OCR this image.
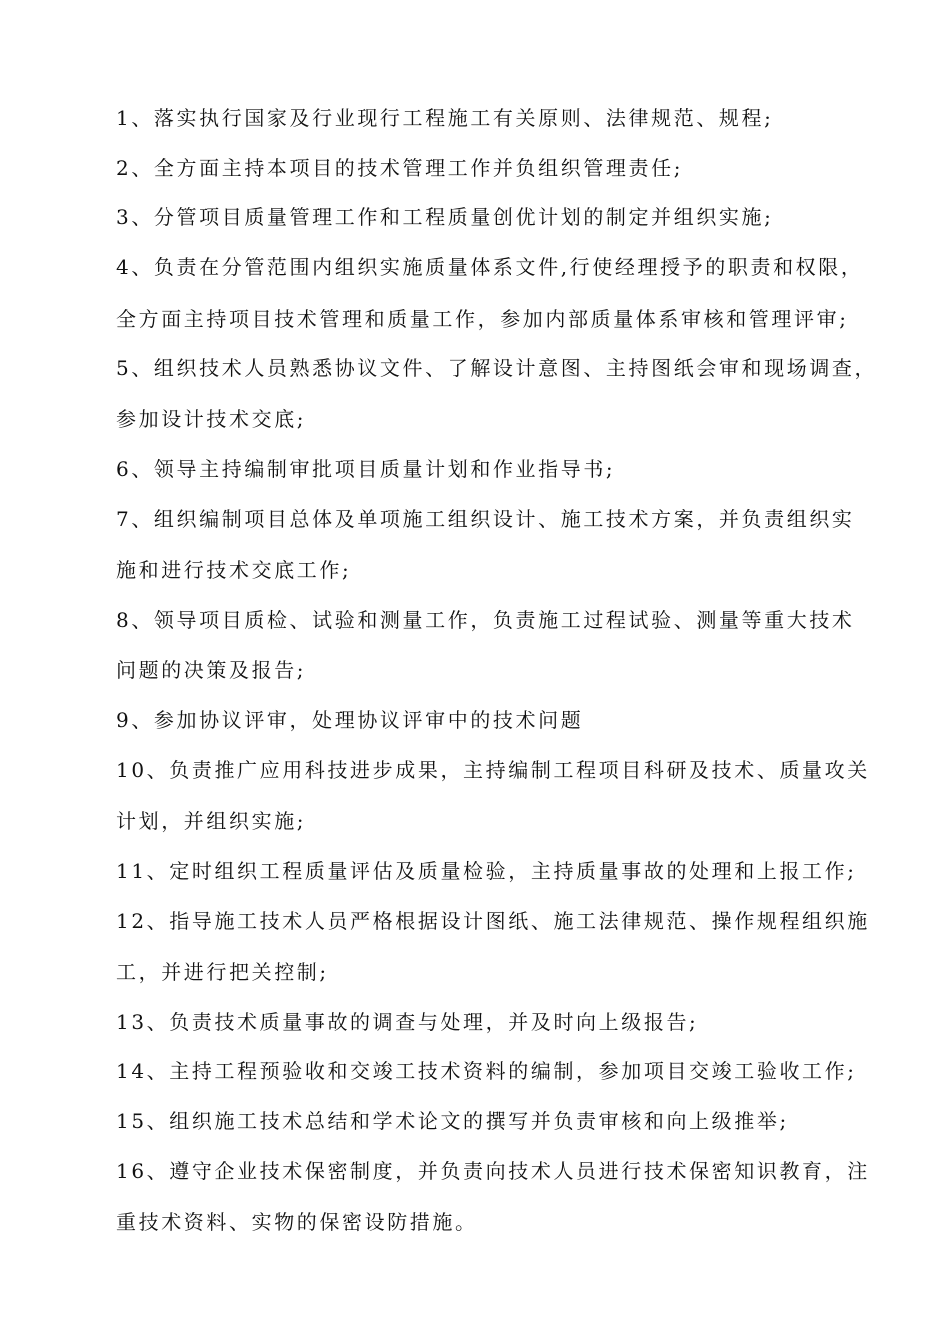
1、落实执行国家及行业现行工程施工有关原则、法律规范、规程;
2、全方面主持本项目的技术管理工作并负组织管理责任;
3、分管项目质量管理工作和工程质量创优计划的制定并组织实施;
4、负责在分管范围内组织实施质量体系文件,行使经理授予的职责和权限，
全方面主持项目技术管理和质量工作，参加内部质量体系审核和管理评审;
5、组织技术人员熟悉协议文件、了解设计意图、主持图纸会审和现场调查，
参加设计技术交底;
6、领导主持编制审批项目质量计划和作业指导书;
7、组织编制项目总体及单项施工组织设计、施工技术方案，并负责组织实
施和进行技术交底工作;
8、领导项目质检、试验和测量工作，负责施工过程试验、测量等重大技术
问题的决策及报告;
9、参加协议评审，处理协议评审中的技术问题
10、负责推广应用科技进步成果，主持编制工程项目科研及技术、质量攻关
计划，并组织实施;
11、定时组织工程质量评估及质量检验，主持质量事故的处理和上报工作;
12、指导施工技术人员严格根据设计图纸、施工法律规范、操作规程组织施
工，并进行把关控制;
13、负责技术质量事故的调查与处理，并及时向上级报告;
14、主持工程预验收和交竣工技术资料的编制，参加项目交竣工验收工作;
15、组织施工技术总结和学术论文的撰写并负责审核和向上级推举;
16、遵守企业技术保密制度，并负责向技术人员进行技术保密知识教育，注
重技术资料、实物的保密设防措施。
